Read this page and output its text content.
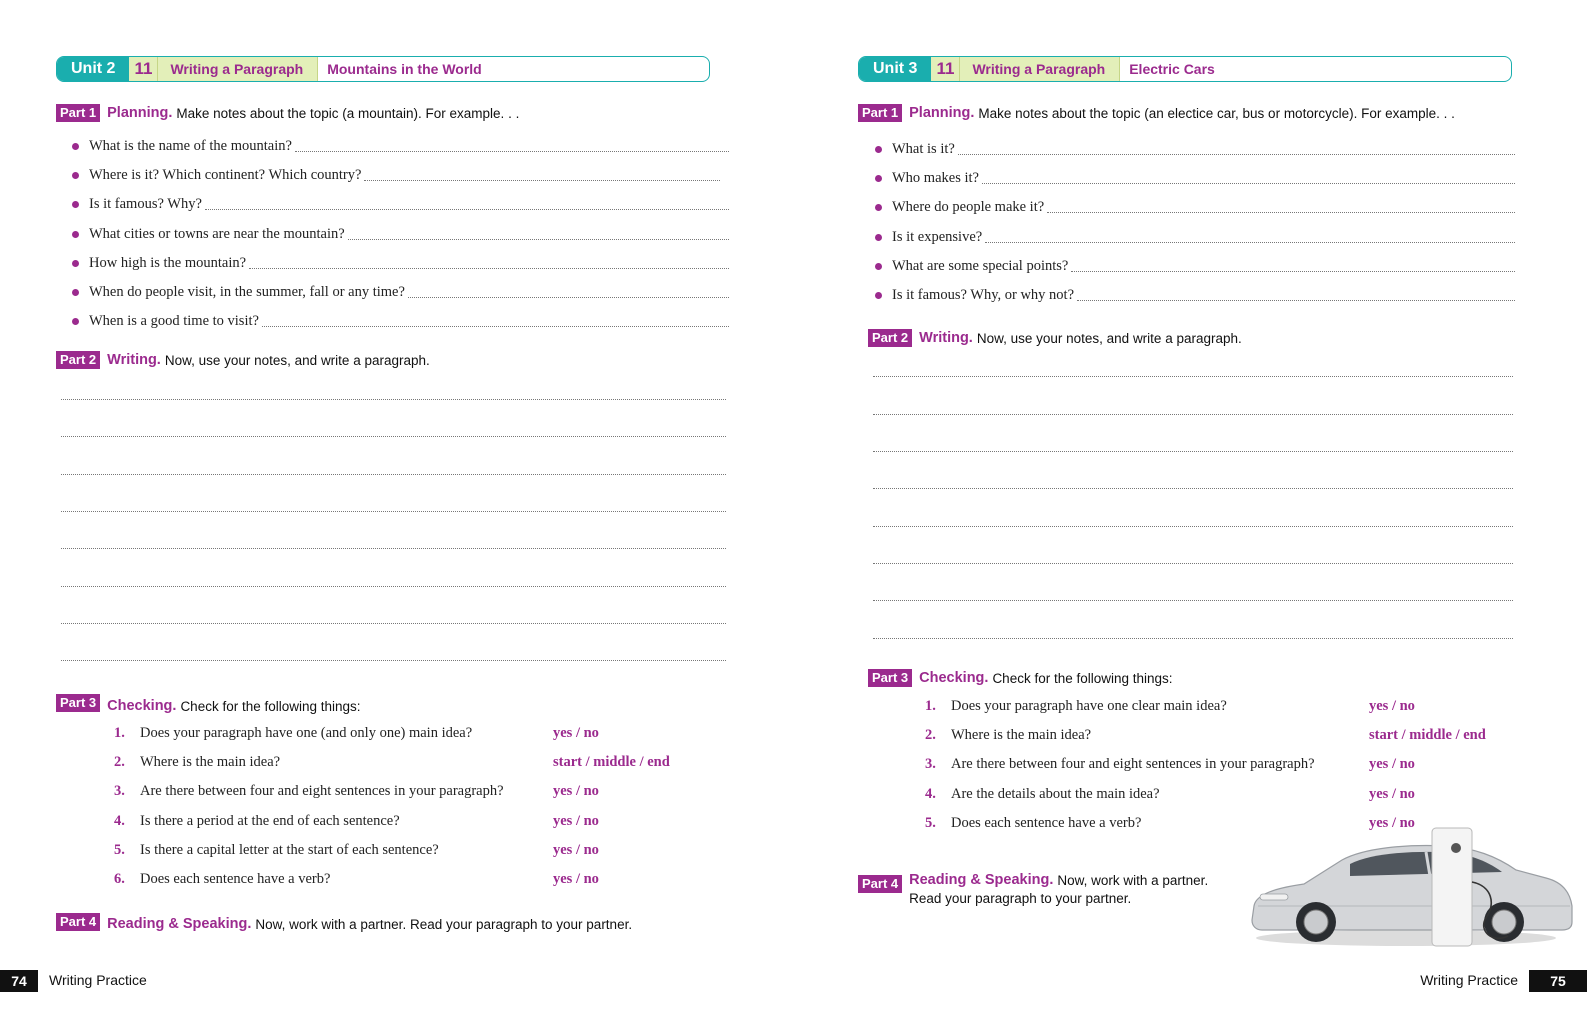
Unit 2	11	Writing a Paragraph	Mountains in the World
Part 1 Planning. Make notes about the topic (a mountain). For example. . .
What is the name of the mountain?
Where is it? Which continent? Which country?
Is it famous? Why?
What cities or towns are near the mountain?
How high is the mountain?
When do people visit, in the summer, fall or any time?
When is a good time to visit?
Part 2 Writing. Now, use your notes, and write a paragraph.
Part 3 Checking. Check for the following things:
1.	Does your paragraph have one (and only one) main idea?	yes / no
2.	Where is the main idea?	start / middle / end
3.	Are there between four and eight sentences in your paragraph?	yes / no
4.	Is there a period at the end of each sentence?	yes / no
5.	Is there a capital letter at the start of each sentence?	yes / no
6.	Does each sentence have a verb?	yes / no
Part 4 Reading & Speaking. Now, work with a partner. Read your paragraph to your partner.
74	Writing Practice
Unit 3	11	Writing a Paragraph	Electric Cars
Part 1 Planning. Make notes about the topic (an electice car, bus or motorcycle). For example. . .
What is it?
Who makes it?
Where do people make it?
Is it expensive?
What are some special points?
Is it famous? Why, or why not?
Part 2 Writing. Now, use your notes, and write a paragraph.
Part 3 Checking. Check for the following things:
1.	Does your paragraph have one clear main idea?	yes / no
2.	Where is the main idea?	start / middle / end
3.	Are there between four and eight sentences in your paragraph?	yes / no
4.	Are the details about the main idea?	yes / no
5.	Does each sentence have a verb?	yes / no
Part 4 Reading & Speaking. Now, work with a partner.
Read your paragraph to your partner.
Writing Practice	75
